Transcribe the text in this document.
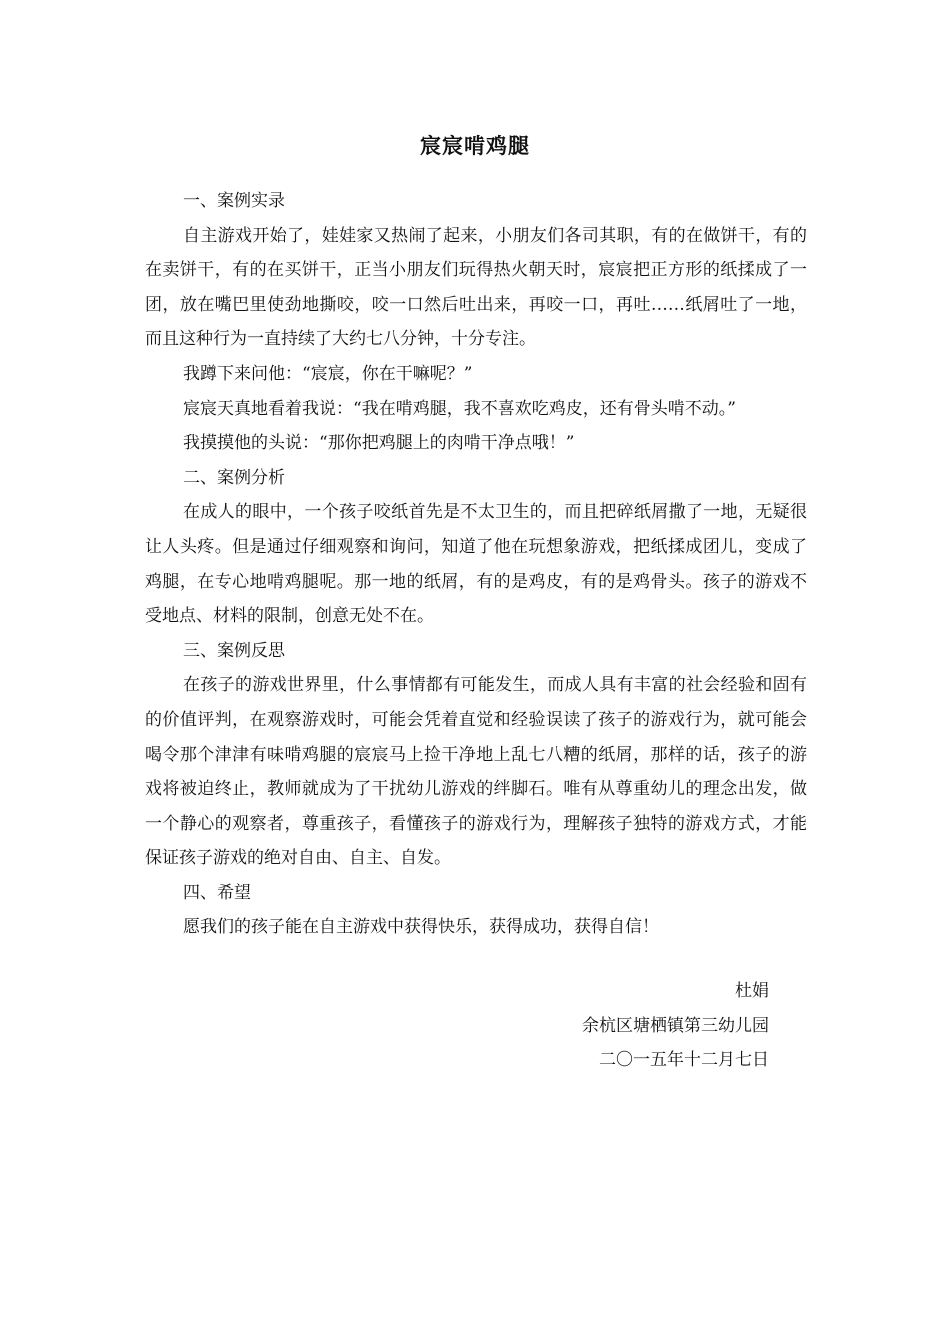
宸宸啃鸡腿

一、案例实录

自主游戏开始了，娃娃家又热闹了起来，小朋友们各司其职，有的在做饼干，有的在卖饼干，有的在买饼干，正当小朋友们玩得热火朝天时，宸宸把正方形的纸揉成了一团，放在嘴巴里使劲地撕咬，咬一口然后吐出来，再咬一口，再吐……纸屑吐了一地，而且这种行为一直持续了大约七八分钟，十分专注。

我蹲下来问他：“宸宸，你在干嘛呢？”

宸宸天真地看着我说：“我在啃鸡腿，我不喜欢吃鸡皮，还有骨头啃不动。”

我摸摸他的头说：“那你把鸡腿上的肉啃干净点哦！”

二、案例分析

在成人的眼中，一个孩子咬纸首先是不太卫生的，而且把碎纸屑撒了一地，无疑很让人头疼。但是通过仔细观察和询问，知道了他在玩想象游戏，把纸揉成团儿，变成了鸡腿，在专心地啃鸡腿呢。那一地的纸屑，有的是鸡皮，有的是鸡骨头。孩子的游戏不受地点、材料的限制，创意无处不在。

三、案例反思

在孩子的游戏世界里，什么事情都有可能发生，而成人具有丰富的社会经验和固有的价值评判，在观察游戏时，可能会凭着直觉和经验误读了孩子的游戏行为，就可能会喝令那个津津有味啃鸡腿的宸宸马上捡干净地上乱七八糟的纸屑，那样的话，孩子的游戏将被迫终止，教师就成为了干扰幼儿游戏的绊脚石。唯有从尊重幼儿的理念出发，做一个静心的观察者，尊重孩子，看懂孩子的游戏行为，理解孩子独特的游戏方式，才能保证孩子游戏的绝对自由、自主、自发。

四、希望

愿我们的孩子能在自主游戏中获得快乐，获得成功，获得自信！

杜娟
余杭区塘栖镇第三幼儿园
二〇一五年十二月七日
